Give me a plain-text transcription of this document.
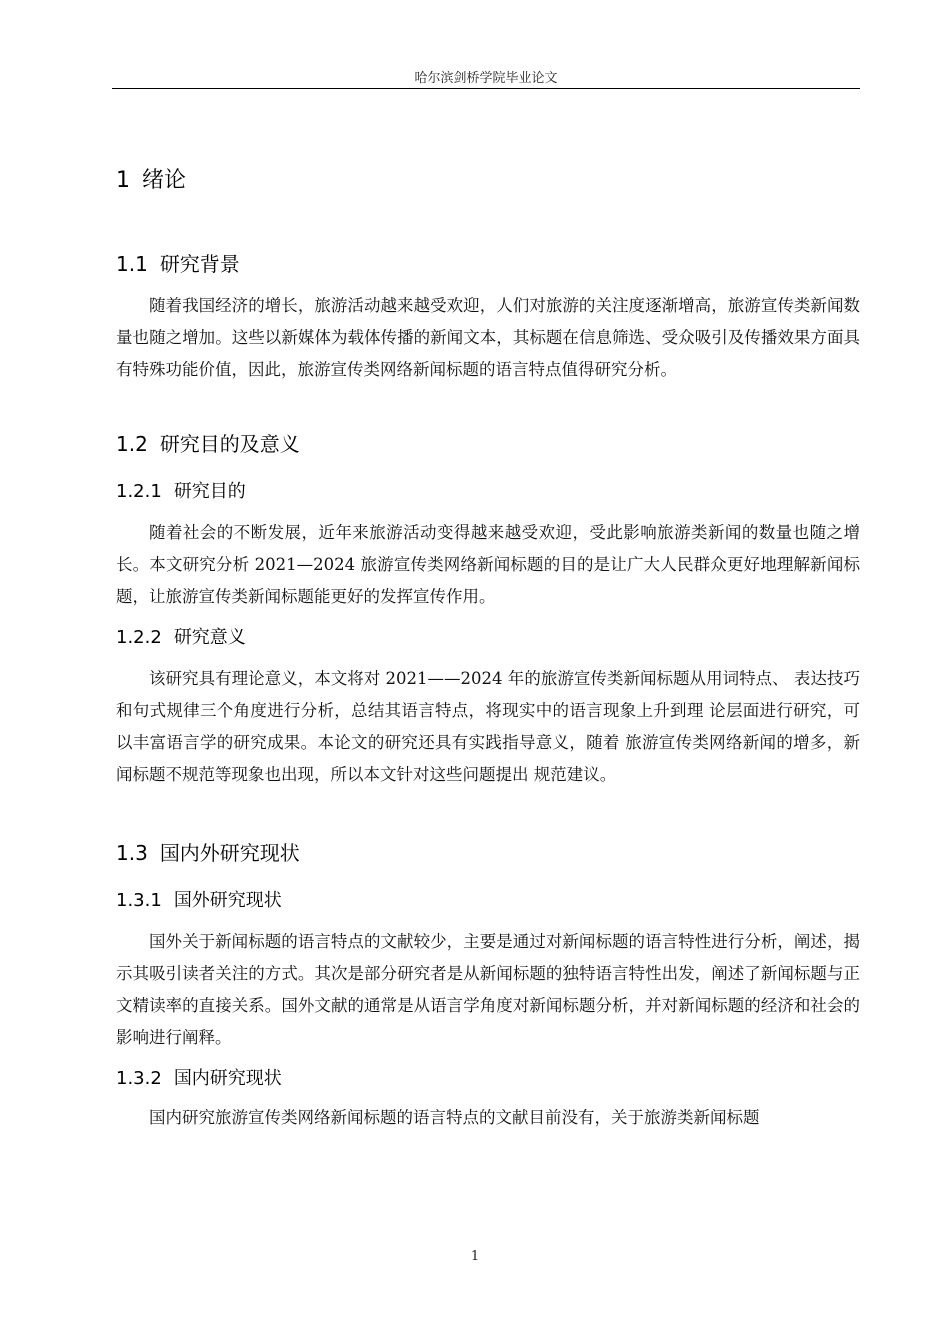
哈尔滨剑桥学院毕业论文
1 绪论
1.1 研究背景

随着我国经济的增长，旅游活动越来越受欢迎，人们对旅游的关注度逐渐增高，旅游宣传类新闻数量也随之增加。这些以新媒体为载体传播的新闻文本，其标题在信息筛选、受众吸引及传播效果方面具有特殊功能价值，因此，旅游宣传类网络新闻标题的语言特点值得研究分析。

1.2 研究目的及意义
1.2.1 研究目的

随着社会的不断发展，近年来旅游活动变得越来越受欢迎，受此影响旅游类新闻的数量也随之增长。本文研究分析 2021—2024 旅游宣传类网络新闻标题的目的是让广大人民群众更好地理解新闻标题，让旅游宣传类新闻标题能更好的发挥宣传作用。

1.2.2 研究意义

该研究具有理论意义，本文将对 2021——2024 年的旅游宣传类新闻标题从用词特点、 表达技巧和句式规律三个角度进行分析，总结其语言特点，将现实中的语言现象上升到理 论层面进行研究，可以丰富语言学的研究成果。本论文的研究还具有实践指导意义，随着 旅游宣传类网络新闻的增多，新闻标题不规范等现象也出现，所以本文针对这些问题提出 规范建议。

1.3 国内外研究现状
1.3.1 国外研究现状

国外关于新闻标题的语言特点的文献较少，主要是通过对新闻标题的语言特性进行分析，阐述，揭示其吸引读者关注的方式。其次是部分研究者是从新闻标题的独特语言特性出发，阐述了新闻标题与正文精读率的直接关系。国外文献的通常是从语言学角度对新闻标题分析，并对新闻标题的经济和社会的影响进行阐释。

1.3.2 国内研究现状

国内研究旅游宣传类网络新闻标题的语言特点的文献目前没有，关于旅游类新闻标题

1
